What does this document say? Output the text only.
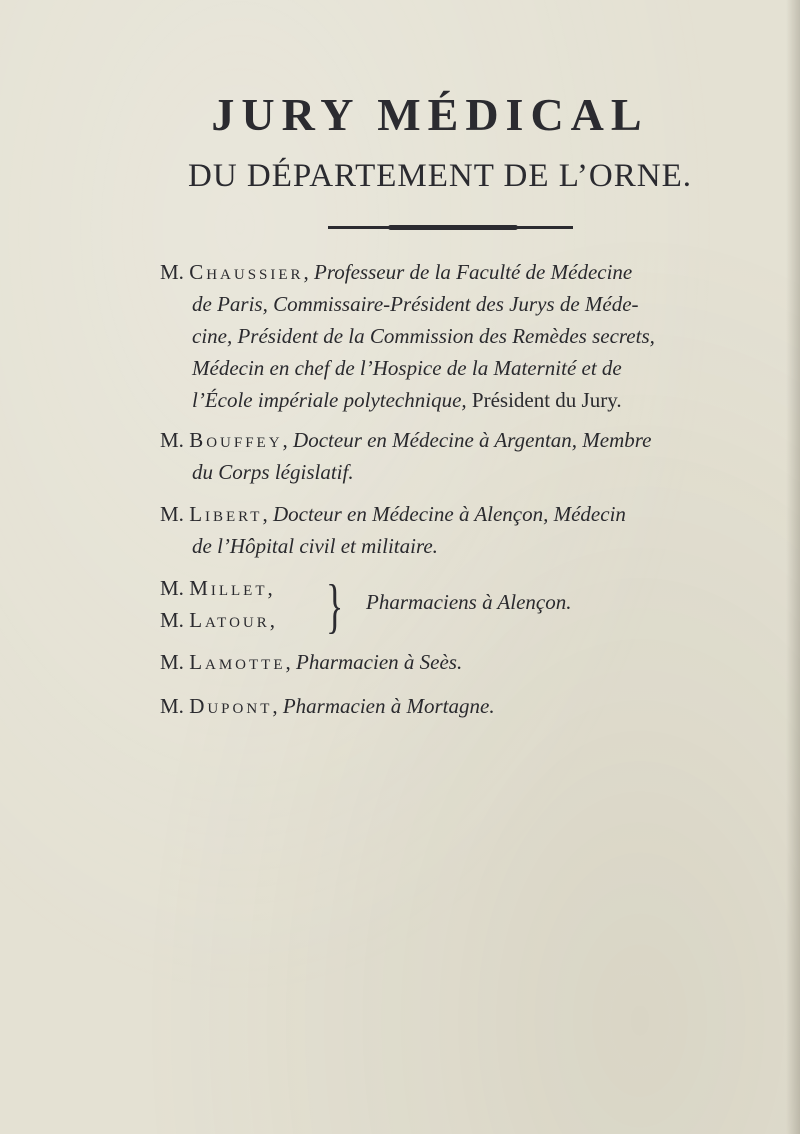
JURY MÉDICAL
DU DÉPARTEMENT DE L’ORNE.

M. Chaussier, Professeur de la Faculté de Médecine

de Paris, Commissaire-Président des Jurys de Méde-

cine, Président de la Commission des Remèdes secrets,

Médecin en chef de l’Hospice de la Maternité et de

l’École impériale polytechnique, Président du Jury.

M. Bouffey, Docteur en Médecine à Argentan, Membre

du Corps législatif.

M. Libert, Docteur en Médecine à Alençon, Médecin

de l’Hôpital civil et militaire.

M. Millet,
M. Latour, } Pharmaciens à Alençon.
M. Lamotte, Pharmacien à Seès.
M. Dupont, Pharmacien à Mortagne.
